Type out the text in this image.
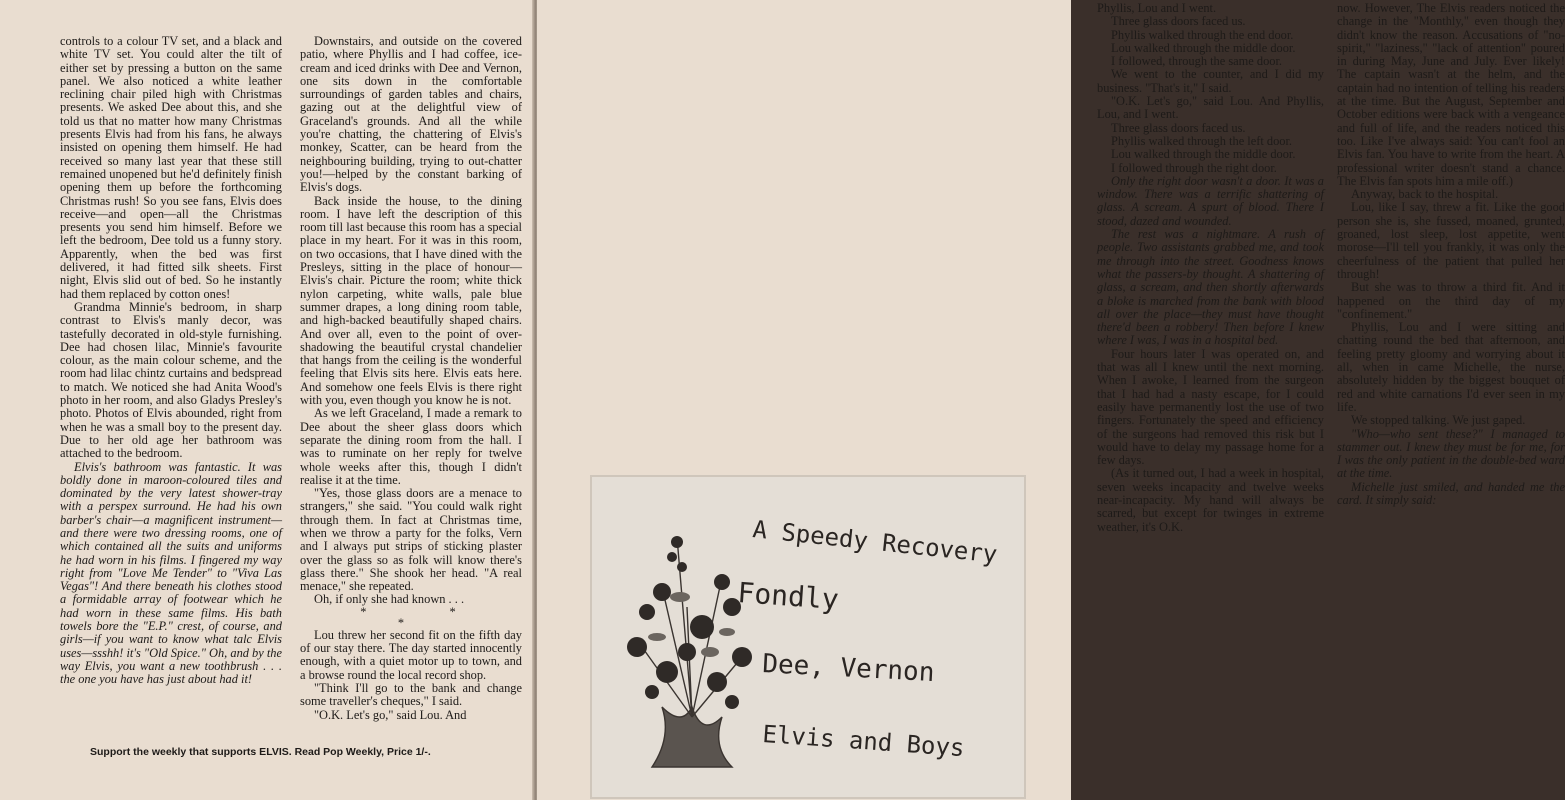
controls to a colour TV set, and a black and white TV set. You could alter the tilt of either set by pressing a button on the same panel. We also noticed a white leather reclining chair piled high with Christmas presents. We asked Dee about this, and she told us that no matter how many Christmas presents Elvis had from his fans, he always insisted on opening them himself. He had received so many last year that these still remained unopened but he'd definitely finish opening them up before the forthcoming Christmas rush! So you see fans, Elvis does receive—and open—all the Christmas presents you send him himself. Before we left the bedroom, Dee told us a funny story. Apparently, when the bed was first delivered, it had fitted silk sheets. First night, Elvis slid out of bed. So he instantly had them replaced by cotton ones!

Grandma Minnie's bedroom, in sharp contrast to Elvis's manly decor, was tastefully decorated in old-style furnishing. Dee had chosen lilac, Minnie's favourite colour, as the main colour scheme, and the room had lilac chintz curtains and bedspread to match. We noticed she had Anita Wood's photo in her room, and also Gladys Presley's photo. Photos of Elvis abounded, right from when he was a small boy to the present day. Due to her old age her bathroom was attached to the bedroom.

Elvis's bathroom was fantastic. It was boldly done in maroon-coloured tiles and dominated by the very latest shower-tray with a perspex surround. He had his own barber's chair—a magnificent instrument—and there were two dressing rooms, one of which contained all the suits and uniforms he had worn in his films. I fingered my way right from "Love Me Tender" to "Viva Las Vegas"! And there beneath his clothes stood a formidable array of footwear which he had worn in these same films. His bath towels bore the "E.P." crest, of course, and girls—if you want to know what talc Elvis uses—ssshh! it's "Old Spice." Oh, and by the way Elvis, you want a new toothbrush . . . the one you have has just about had it!

Downstairs, and outside on the covered patio, where Phyllis and I had coffee, ice-cream and iced drinks with Dee and Vernon, one sits down in the comfortable surroundings of garden tables and chairs, gazing out at the delightful view of Graceland's grounds. And all the while you're chatting, the chattering of Elvis's monkey, Scatter, can be heard from the neighbouring building, trying to out-chatter you!—helped by the constant barking of Elvis's dogs.

Back inside the house, to the dining room. I have left the description of this room till last because this room has a special place in my heart. For it was in this room, on two occasions, that I have dined with the Presleys, sitting in the place of honour—Elvis's chair. Picture the room; white thick nylon carpeting, white walls, pale blue summer drapes, a long dining room table, and high-backed beautifully shaped chairs. And over all, even to the point of over-shadowing the beautiful crystal chandelier that hangs from the ceiling is the wonderful feeling that Elvis sits here. Elvis eats here. And somehow one feels Elvis is there right with you, even though you know he is not.

As we left Graceland, I made a remark to Dee about the sheer glass doors which separate the dining room from the hall. I was to ruminate on her reply for twelve whole weeks after this, though I didn't realise it at the time.

"Yes, those glass doors are a menace to strangers," she said. "You could walk right through them. In fact at Christmas time, when we throw a party for the folks, Vern and I always put strips of sticking plaster over the glass so as folk will know there's glass there." She shook her head. "A real menace," she repeated.

Oh, if only she had known . . .

* * *

Lou threw her second fit on the fifth day of our stay there. The day started innocently enough, with a quiet motor up to town, and a browse round the local record shop.

"Think I'll go to the bank and change some traveller's cheques," I said.

"O.K. Let's go," said Lou. And

Support the weekly that supports ELVIS. Read Pop Weekly, Price 1/-.

Phyllis, Lou and I went.

Three glass doors faced us.

Phyllis walked through the end door.

Lou walked through the middle door.

I followed, through the same door.

We went to the counter, and I did my business. "That's it," I said.

"O.K. Let's go," said Lou. And Phyllis, Lou, and I went.

Three glass doors faced us.

Phyllis walked through the left door.

Lou walked through the middle door.

I followed through the right door.

Only the right door wasn't a door. It was a window. There was a terrific shattering of glass. A scream. A spurt of blood. There I stood, dazed and wounded.

The rest was a nightmare. A rush of people. Two assistants grabbed me, and took me through into the street. Goodness knows what the passers-by thought. A shattering of glass, a scream, and then shortly afterwards a bloke is marched from the bank with blood all over the place—they must have thought there'd been a robbery! Then before I knew where I was, I was in a hospital bed.

Four hours later I was operated on, and that was all I knew until the next morning. When I awoke, I learned from the surgeon that I had had a nasty escape, for I could easily have permanently lost the use of two fingers. Fortunately the speed and efficiency of the surgeons had removed this risk but I would have to delay my passage home for a few days.

(As it turned out, I had a week in hospital, seven weeks incapacity and twelve weeks near-incapacity. My hand will always be scarred, but except for twinges in extreme weather, it's O.K.

now. However, The Elvis readers noticed the change in the "Monthly," even though they didn't know the reason. Accusations of "no-spirit," "laziness," "lack of attention" poured in during May, June and July. Ever likely! The captain wasn't at the helm, and the captain had no intention of telling his readers at the time. But the August, September and October editions were back with a vengeance and full of life, and the readers noticed this too. Like I've always said: You can't fool an Elvis fan. You have to write from the heart. A professional writer doesn't stand a chance. The Elvis fan spots him a mile off.)

Anyway, back to the hospital.

Lou, like I say, threw a fit. Like the good person she is, she fussed, moaned, grunted, groaned, lost sleep, lost appetite, went morose—I'll tell you frankly, it was only the cheerfulness of the patient that pulled her through!

But she was to throw a third fit. And it happened on the third day of my "confinement."

Phyllis, Lou and I were sitting and chatting round the bed that afternoon, and feeling pretty gloomy and worrying about it all, when in came Michelle, the nurse, absolutely hidden by the biggest bouquet of red and white carnations I'd ever seen in my life.

We stopped talking. We just gaped.

"Who—who sent these?" I managed to stammer out. I knew they must be for me, for I was the only patient in the double-bed ward at the time.

Michelle just smiled, and handed me the card. It simply said:

A Speedy Recovery
Fondly
Dee, Vernon
Elvis and Boys
